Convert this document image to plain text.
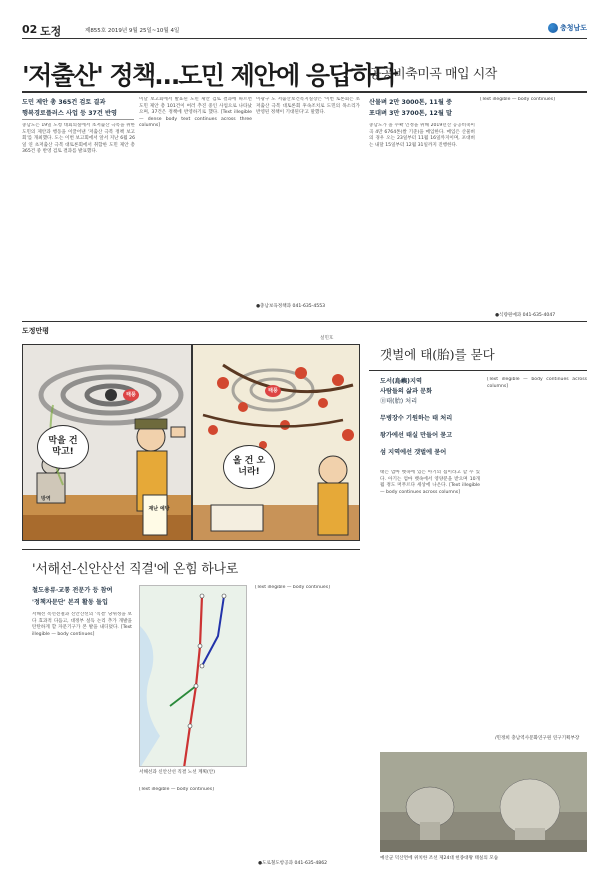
02 도정	제855호 2019년 9월 25일~10월 4일	충청남도
'저출산' 정책…도민 제안에 응답하다
공공비축미곡 매입 시작
도민 제안 총 365건 검토 결과
행복경로플러스 사업 등 37건 반영
충남도는 19일 도청 대회의실에서 초저출산 극복을 위한 도민의 제안과 행동을 이끌어낸 '저출산 극복 정책 보고회'를 개최했다. 도는 이번 보고회에서 앞서 지난 6월 26일 연 초저출산 극복 대토론회에서 취합한 도민 제안 총 365건 중 반영 검토 결과를 발표했다.
이날 보고회에서 발표된 도민 제안 검토 결과에 따르면 도민 제안 총 101건이 여러 추진 중인 사업으로 나타났으며, 37건은 정책에 반영하기로 했다. [Text illegible — dense body text continues across three columns]
이광구 도 저출산보건복지실장은 '이번 토론회는 초저출산 극복 대토론회 후속조치로 도민의 목소리가 반영된 정책이 기대된다'고 말했다.
●충남보육정책과 041-635-4553
산물벼 2만 3000톤, 11월 중
포대벼 3만 3700톤, 12월 말
충남도가 올 수확 인정을 위해 2019년산 공공비축미곡 4만 6764톤(쌀 기준)을 매입한다. 매입은 산물벼의 경우 오는 23일부터 11월 16일까지이며, 포대벼는 내달 15일부터 12월 31일까지 진행한다.
[Text illegible — body continues]
●식량원예과 041-635-4047
도정만평
설민호
태풍
태풍
막을 건 막고!
올 건 오너라!
재난 예방
방역
갯벌에 태(胎)를 묻다
도서(島嶼)지역
사람들의 삶과 문화
⑪태(胎) 처리
무병장수 기원하는 태 처리
왕가에선 태실 만들어 묻고
섬 지역에선 갯벌에 묻어
태는 엄마 뱃속에 있는 아기의 집이라고 할 수 있다. 아기는 엄마 뱃속에서 영양분을 받으며 10개월 정도 머무르다 세상에 나온다. [Text illegible — body continues across columns]
[Text illegible — body continues across columns]
/민정희 충남역사문화연구원 연구기획부장
예산군 덕산면에 위치한 조선 제24대 헌종대왕 태실의 모습
'서해선-신안산선 직결'에 온힘 하나로
철도용류·교통 전문가 등 참여
'정책자문단' 본격 활동 돌입
서해선 복선전철과 신안산선의 '직결' 당위성을 보다 효과적 다듬고, 대정부 설득 논리 추가 개발을 탄탄하게 할 자문기구가 본 발을 내디뎠다. [Text illegible — body continues]
[Text illegible — body continues]
[Text illegible — body continues]
●도로철도항공과 041-635-4862
서해선과 신안산선 직결 노선 계획(안)
